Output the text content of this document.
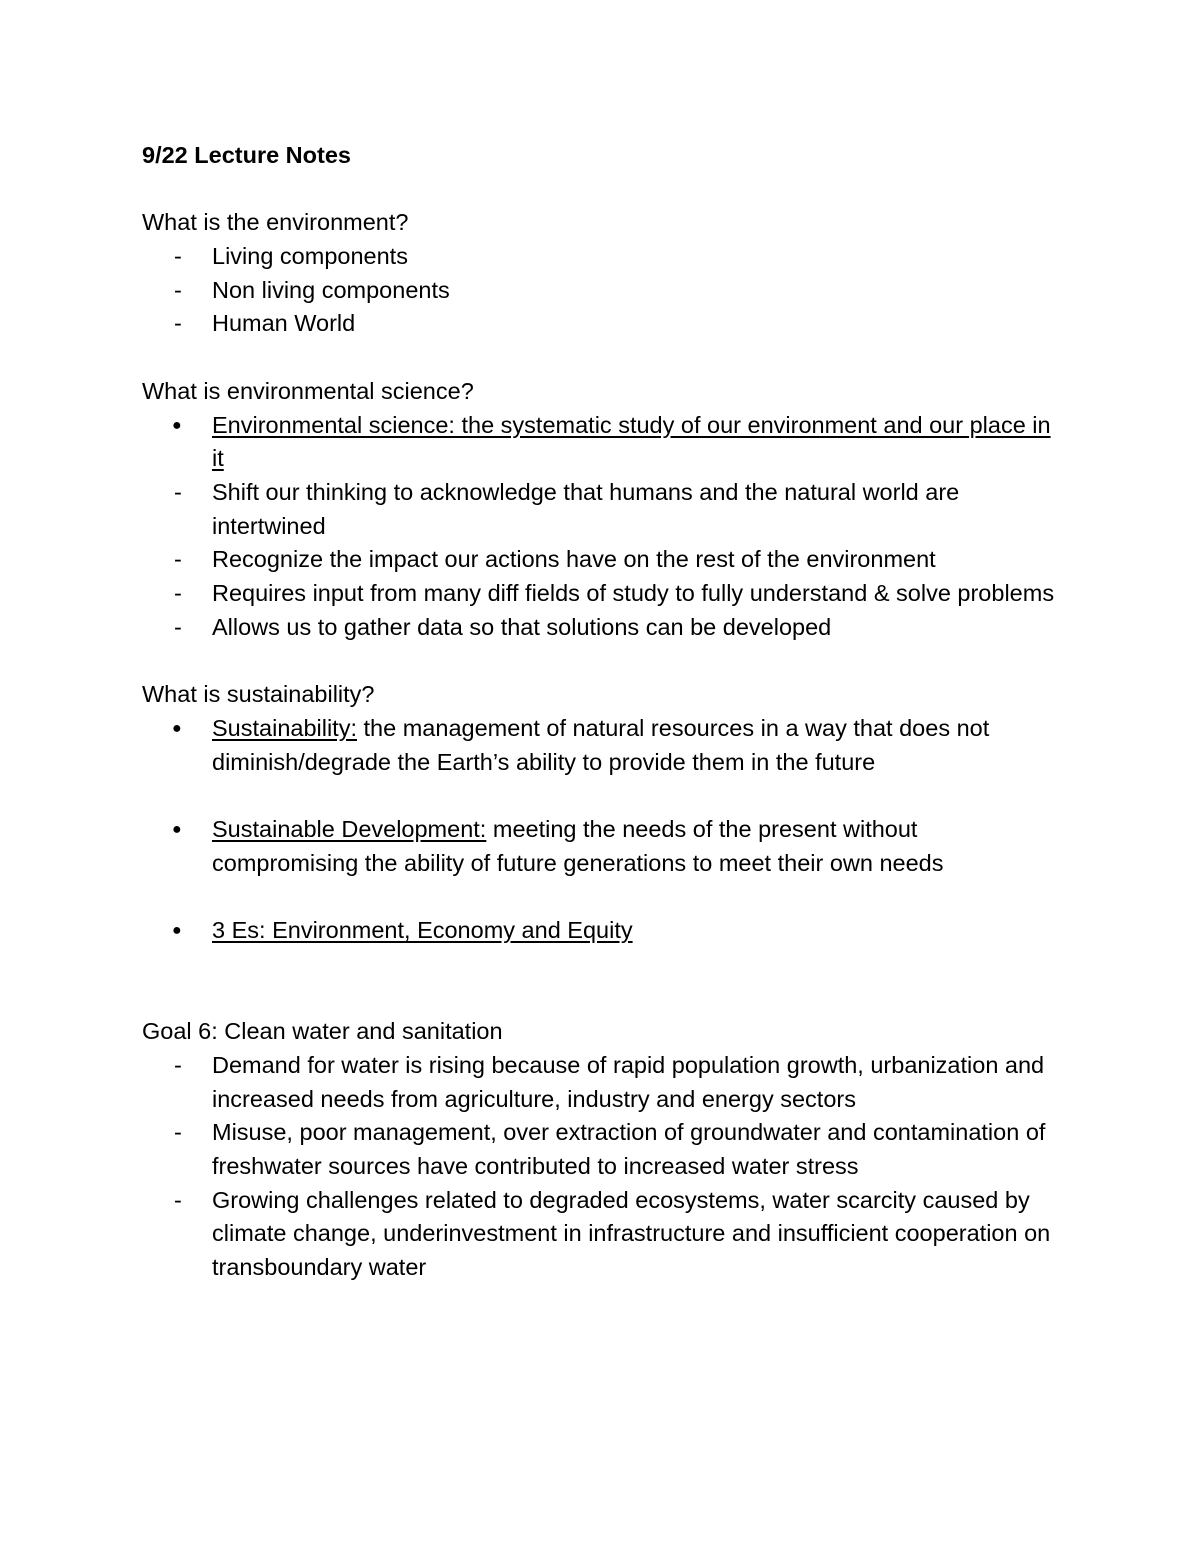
9/22 Lecture Notes

What is the environment?

-	Living components
-	Non living components
-	Human World

What is environmental science?

●	Environmental science: the systematic study of our environment and our place in it
-	Shift our thinking to acknowledge that humans and the natural world are intertwined
-	Recognize the impact our actions have on the rest of the environment
-	Requires input from many diff fields of study to fully understand & solve problems
-	Allows us to gather data so that solutions can be developed

What is sustainability?

●	Sustainability: the management of natural resources in a way that does not diminish/degrade the Earth’s ability to provide them in the future
●	Sustainable Development: meeting the needs of the present without compromising the ability of future generations to meet their own needs
●	3 Es: Environment, Economy and Equity

Goal 6: Clean water and sanitation

-	Demand for water is rising because of rapid population growth, urbanization and increased needs from agriculture, industry and energy sectors
-	Misuse, poor management, over extraction of groundwater and contamination of freshwater sources have contributed to increased water stress
-	Growing challenges related to degraded ecosystems, water scarcity caused by climate change, underinvestment in infrastructure and insufficient cooperation on transboundary water
